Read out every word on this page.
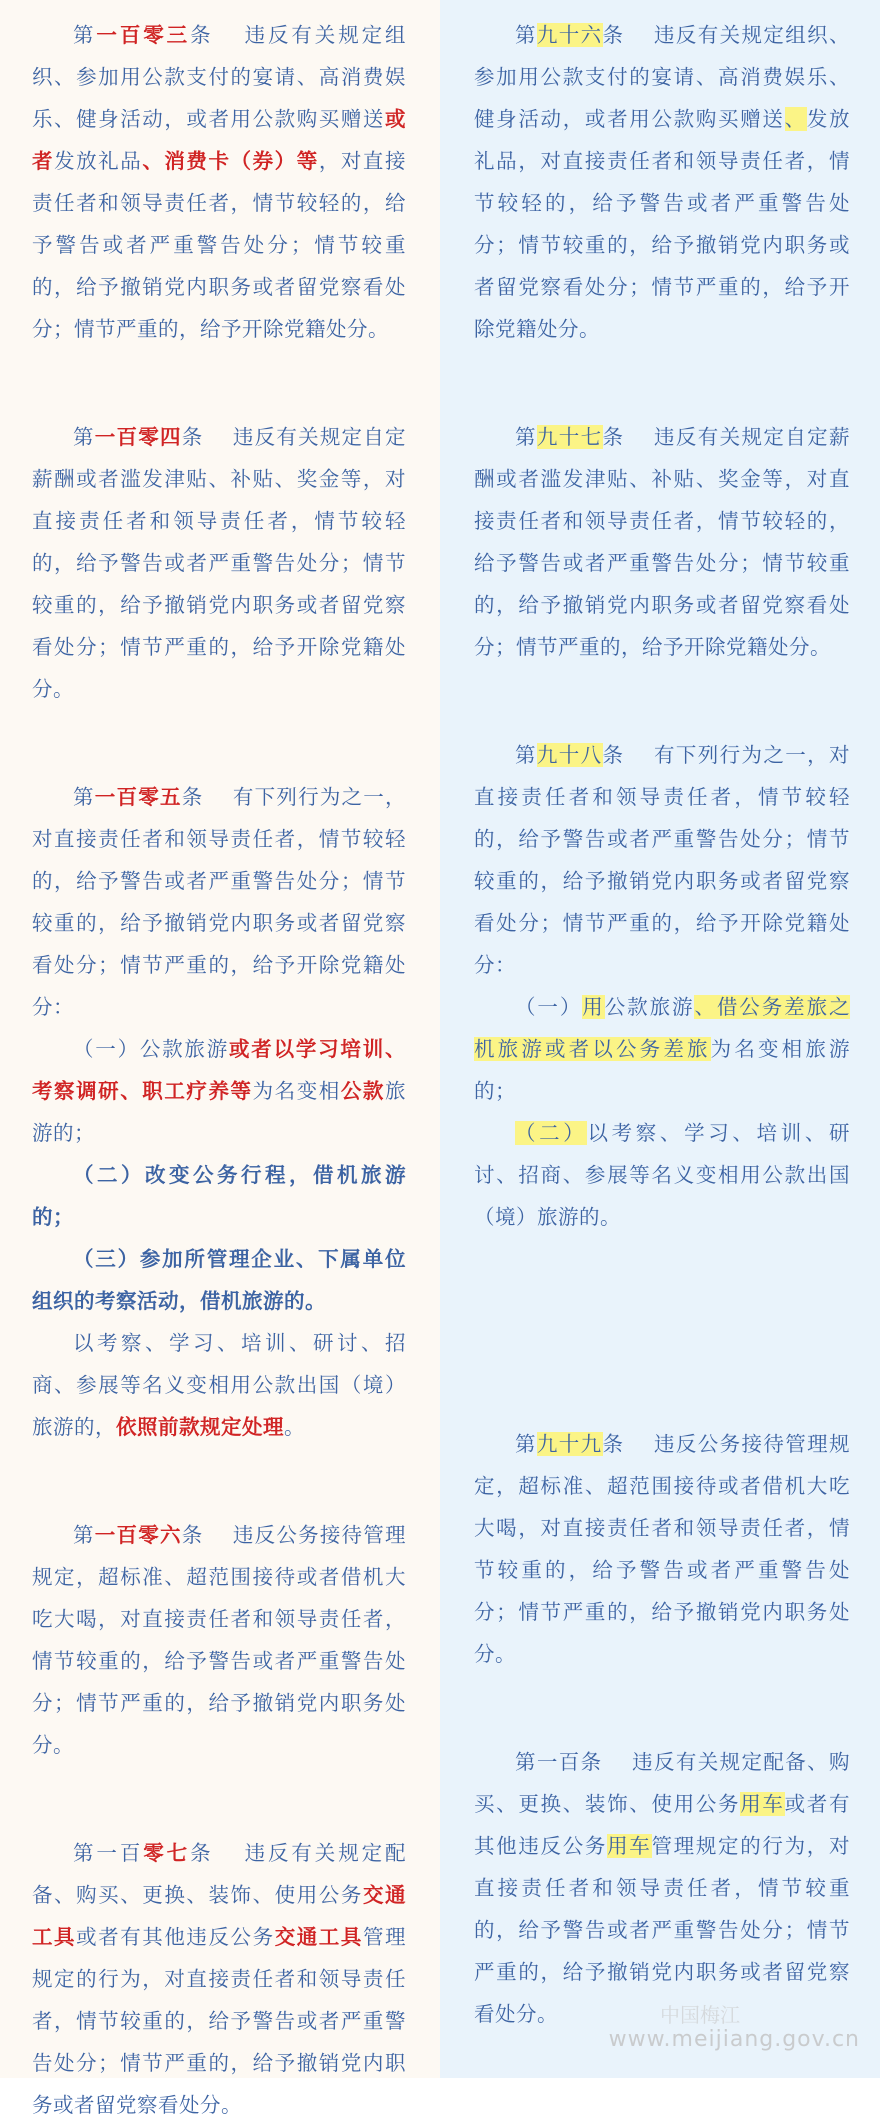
第一百零三条 违反有关规定组织、参加用公款支付的宴请、高消费娱乐、健身活动，或者用公款购买赠送或者发放礼品、消费卡（券）等，对直接责任者和领导责任者，情节较轻的，给予警告或者严重警告处分；情节较重的，给予撤销党内职务或者留党察看处分；情节严重的，给予开除党籍处分。

第一百零四条 违反有关规定自定薪酬或者滥发津贴、补贴、奖金等，对直接责任者和领导责任者，情节较轻的，给予警告或者严重警告处分；情节较重的，给予撤销党内职务或者留党察看处分；情节严重的，给予开除党籍处分。

第一百零五条 有下列行为之一，对直接责任者和领导责任者，情节较轻的，给予警告或者严重警告处分；情节较重的，给予撤销党内职务或者留党察看处分；情节严重的，给予开除党籍处分：

（一）公款旅游或者以学习培训、考察调研、职工疗养等为名变相公款旅游的；

（二）改变公务行程，借机旅游的；

（三）参加所管理企业、下属单位组织的考察活动，借机旅游的。

以考察、学习、培训、研讨、招商、参展等名义变相用公款出国（境）旅游的，依照前款规定处理。

第一百零六条 违反公务接待管理规定，超标准、超范围接待或者借机大吃大喝，对直接责任者和领导责任者，情节较重的，给予警告或者严重警告处分；情节严重的，给予撤销党内职务处分。

第一百零七条 违反有关规定配备、购买、更换、装饰、使用公务交通工具或者有其他违反公务交通工具管理规定的行为，对直接责任者和领导责任者，情节较重的，给予警告或者严重警告处分；情节严重的，给予撤销党内职务或者留党察看处分。

第九十六条 违反有关规定组织、参加用公款支付的宴请、高消费娱乐、健身活动，或者用公款购买赠送、发放礼品，对直接责任者和领导责任者，情节较轻的，给予警告或者严重警告处分；情节较重的，给予撤销党内职务或者留党察看处分；情节严重的，给予开除党籍处分。

第九十七条 违反有关规定自定薪酬或者滥发津贴、补贴、奖金等，对直接责任者和领导责任者，情节较轻的，给予警告或者严重警告处分；情节较重的，给予撤销党内职务或者留党察看处分；情节严重的，给予开除党籍处分。

第九十八条 有下列行为之一，对直接责任者和领导责任者，情节较轻的，给予警告或者严重警告处分；情节较重的，给予撤销党内职务或者留党察看处分；情节严重的，给予开除党籍处分：

（一）用公款旅游、借公务差旅之机旅游或者以公务差旅为名变相旅游的；

（二）以考察、学习、培训、研讨、招商、参展等名义变相用公款出国（境）旅游的。

第九十九条 违反公务接待管理规定，超标准、超范围接待或者借机大吃大喝，对直接责任者和领导责任者，情节较重的，给予警告或者严重警告处分；情节严重的，给予撤销党内职务处分。

第一百条 违反有关规定配备、购买、更换、装饰、使用公务用车或者有其他违反公务用车管理规定的行为，对直接责任者和领导责任者，情节较重的，给予警告或者严重警告处分；情节严重的，给予撤销党内职务或者留党察看处分。	中国梅江
www.meijiang.gov.cn
